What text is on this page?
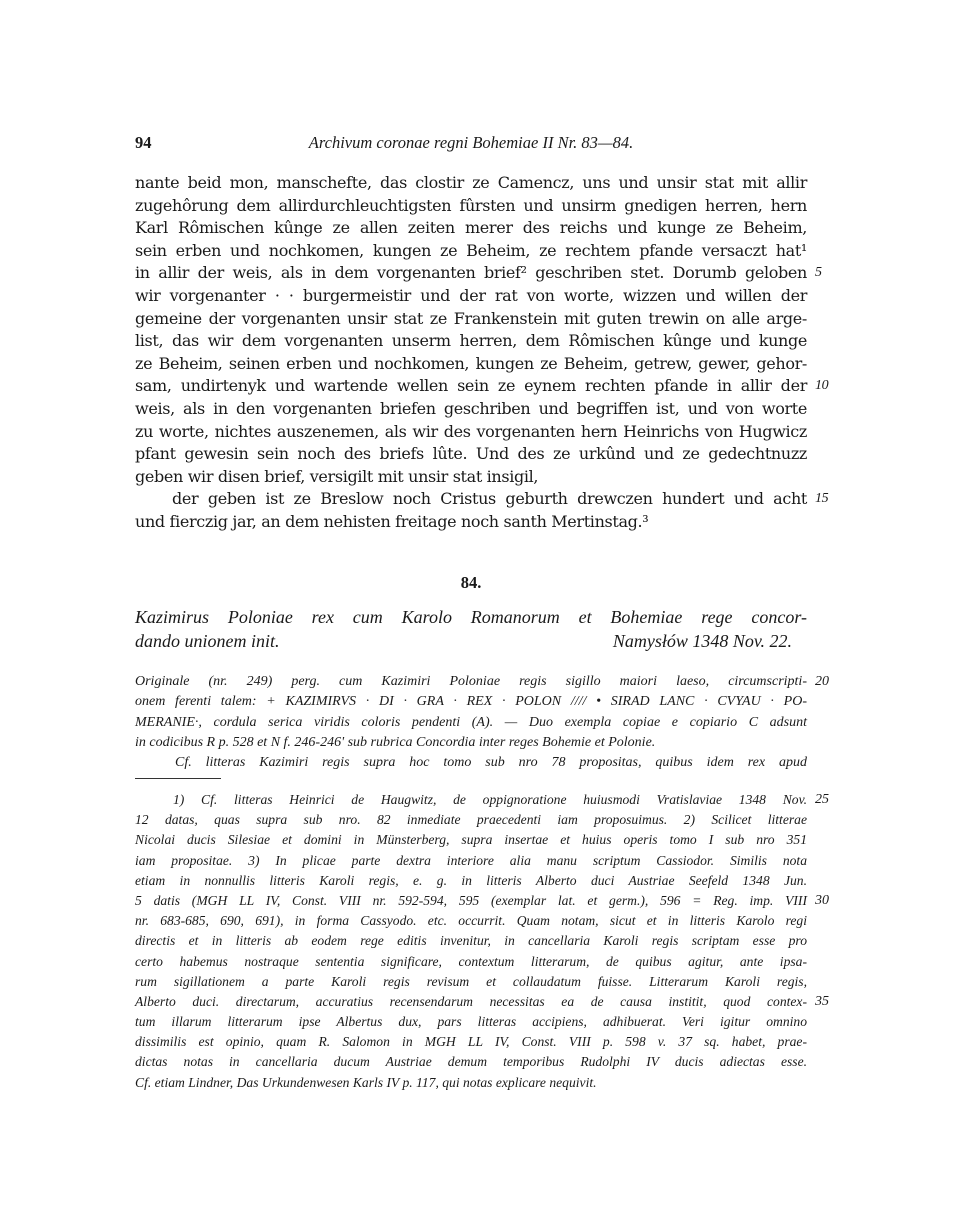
94	Archivum coronae regni Bohemiae II Nr. 83—84.
nante beid mon, manschefte, das clostir ze Camencz, uns und unsir stat mit allir
zugehôrung dem allirdurchleuchtigsten fûrsten und unsirm gnedigen herren, hern
Karl Rômischen kûnge ze allen zeiten merer des reichs und kunge ze Beheim,
sein erben und nochkomen, kungen ze Beheim, ze rechtem pfande versaczt hat¹
in allir der weis, als in dem vorgenanten brief² geschriben stet. Dorumb geloben 5
wir vorgenanter · · burgermeistir und der rat von worte, wizzen und willen der
gemeine der vorgenanten unsir stat ze Frankenstein mit guten trewin on alle arge-
list, das wir dem vorgenanten unserm herren, dem Rômischen kûnge und kunge
ze Beheim, seinen erben und nochkomen, kungen ze Beheim, getrew, gewer, gehor-
sam, undirtenyk und wartende wellen sein ze eynem rechten pfande in allir der 10
weis, als in den vorgenanten briefen geschriben und begriffen ist, und von worte
zu worte, nichtes auszenemen, als wir des vorgenanten hern Heinrichs von Hugwicz
pfant gewesin sein noch des briefs lûte. Und des ze urkûnd und ze gedechtnuzz
geben wir disen brief, versigilt mit unsir stat insigil,
der geben ist ze Breslow noch Cristus geburth drewczen hundert und acht 15
und fierczig jar, an dem nehisten freitage noch santh Mertinstag.³
84.
Kazimirus Poloniae rex cum Karolo Romanorum et Bohemiae rege concor-
dando unionem init.	Namysłów 1348 Nov. 22.
Originale (nr. 249) perg. cum Kazimiri Poloniae regis sigillo maiori laeso, circumscripti- 20
onem ferenti talem: + KAZIMIRVS · DI · GRA · REX · POLON //// • SIRAD LANC · CVYAU · PO-
MERANIE·, cordula serica viridis coloris pendenti (A). — Duo exempla copiae e copiario C adsunt
in codicibus R p. 528 et N f. 246-246' sub rubrica Concordia inter reges Bohemie et Polonie.
Cf. litteras Kazimiri regis supra hoc tomo sub nro 78 propositas, quibus idem rex apud
1) Cf. litteras Heinrici de Haugwitz, de oppignoratione huiusmodi Vratislaviae 1348 Nov. 25
12 datas, quas supra sub nro. 82 inmediate praecedenti iam proposuimus. 2) Scilicet litterae
Nicolai ducis Silesiae et domini in Münsterberg, supra insertae et huius operis tomo I sub nro 351
iam propositae. 3) In plicae parte dextra interiore alia manu scriptum Cassiodor. Similis nota
etiam in nonnullis litteris Karoli regis, e. g. in litteris Alberto duci Austriae Seefeld 1348 Jun.
5 datis (MGH LL IV, Const. VIII nr. 592-594, 595 (exemplar lat. et germ.), 596 = Reg. imp. VIII 30
nr. 683-685, 690, 691), in forma Cassyodo. etc. occurrit. Quam notam, sicut et in litteris Karolo regi
directis et in litteris ab eodem rege editis invenitur, in cancellaria Karoli regis scriptam esse pro
certo habemus nostraque sententia significare, contextum litterarum, de quibus agitur, ante ipsa-
rum sigillationem a parte Karoli regis revisum et collaudatum fuisse. Litterarum Karoli regis,
Alberto duci. directarum, accuratius recensendarum necessitas ea de causa institit, quod contex- 35
tum illarum litterarum ipse Albertus dux, pars litteras accipiens, adhibuerat. Veri igitur omnino
dissimilis est opinio, quam R. Salomon in MGH LL IV, Const. VIII p. 598 v. 37 sq. habet, prae-
dictas notas in cancellaria ducum Austriae demum temporibus Rudolphi IV ducis adiectas esse.
Cf. etiam Lindner, Das Urkundenwesen Karls IV p. 117, qui notas explicare nequivit.
